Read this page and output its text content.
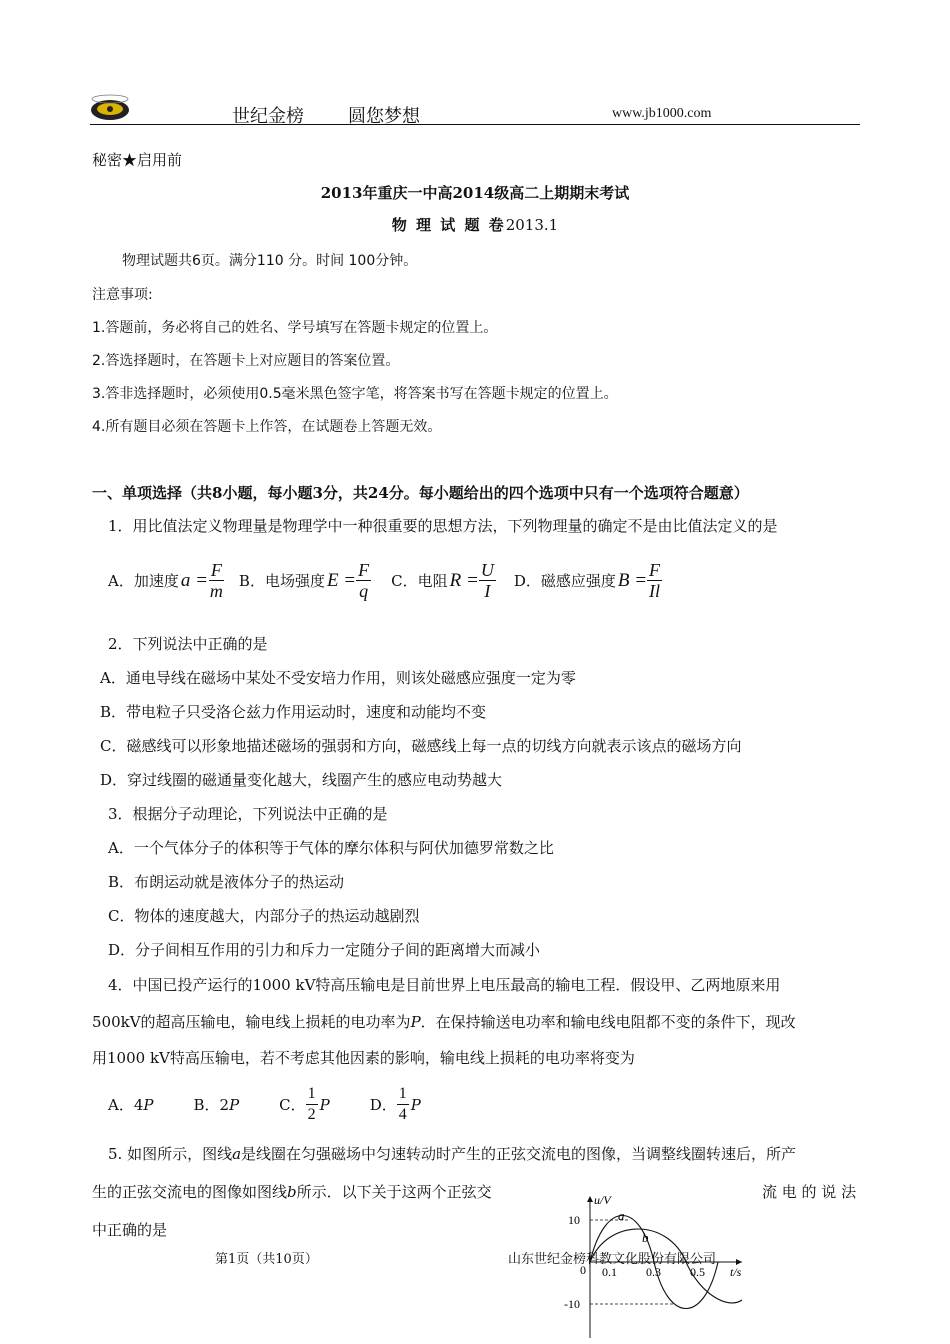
世纪金榜 圆您梦想	www.jb1000.com
秘密★启用前
2013年重庆一中高2014级高二上期期末考试
物 理 试 题 卷2013.1
物理试题共6页。满分110 分。时间 100分钟。
注意事项:
1.答题前，务必将自己的姓名、学号填写在答题卡规定的位置上。
2.答选择题时，在答题卡上对应题目的答案位置。
3.答非选择题时，必须使用0.5毫米黑色签字笔，将答案书写在答题卡规定的位置上。
4.所有题目必须在答题卡上作答，在试题卷上答题无效。
一、单项选择（共8小题，每小题3分，共24分。每小题给出的四个选项中只有一个选项符合题意）
1．用比值法定义物理量是物理学中一种很重要的思想方法，下列物理量的确定不是由比值法定义的是
A．加速度 $a = \frac{F}{m}$ B．电场强度 $E = \frac{F}{q}$ C．电阻 $R = \frac{U}{I}$ D．磁感应强度 $B = \frac{F}{Il}$
2．下列说法中正确的是
A．通电导线在磁场中某处不受安培力作用，则该处磁感应强度一定为零
B．带电粒子只受洛仑兹力作用运动时，速度和动能均不变
C．磁感线可以形象地描述磁场的强弱和方向，磁感线上每一点的切线方向就表示该点的磁场方向
D．穿过线圈的磁通量变化越大，线圈产生的感应电动势越大
3．根据分子动理论，下列说法中正确的是
A．一个气体分子的体积等于气体的摩尔体积与阿伏加德罗常数之比
B．布朗运动就是液体分子的热运动
C．物体的速度越大，内部分子的热运动越剧烈
D．分子间相互作用的引力和斥力一定随分子间的距离增大而减小
4．中国已投产运行的1000 kV特高压输电是目前世界上电压最高的输电工程．假设甲、乙两地原来用
500kV的超高压输电，输电线上损耗的电功率为P．在保持输送电功率和输电线电阻都不变的条件下，现改
用1000 kV特高压输电，若不考虑其他因素的影响，输电线上损耗的电功率将变为
A．4P	B．2P	C． $\frac{1}{2}$ P	D． $\frac{1}{4}$ P
5. 如图所示，图线a是线圈在匀强磁场中匀速转动时产生的正弦交流电的图像，当调整线圈转速后，所产
生的正弦交流电的图像如图线b所示．以下关于这两个正弦交	流 电 的 说 法
中正确的是
u/V
t/s
10
-10
0 0.1 0.3 0.5
a
b
第1页（共10页）	山东世纪金榜科教文化股份有限公司
